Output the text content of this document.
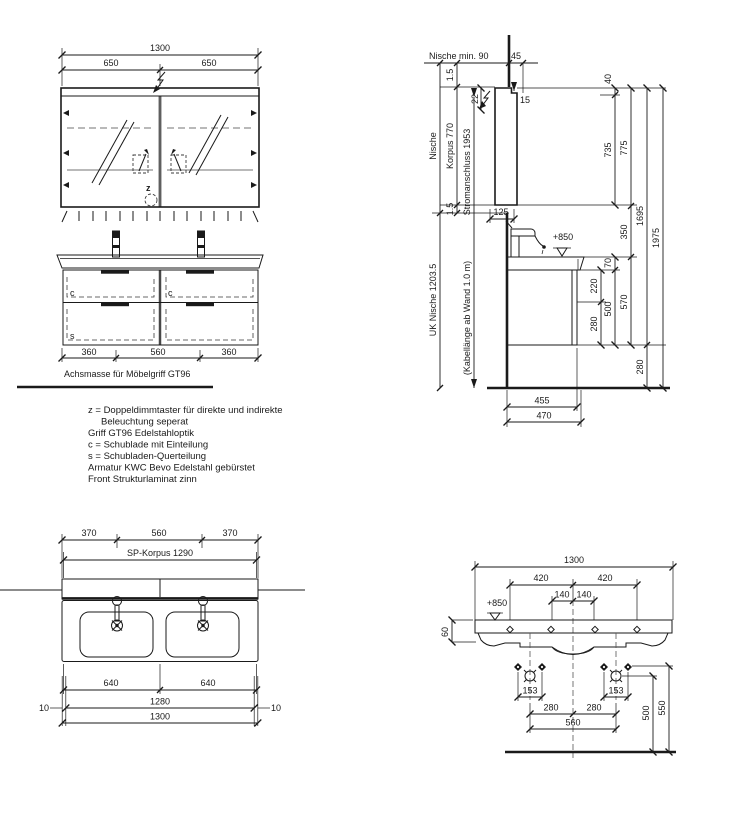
1300
650	650
z
c	c
s
360	560	360
Achsmasse für Möbelgriff GT96
z = Doppeldimmtaster für direkte und indirekte
Beleuchtung seperat
Griff GT96 Edelstahloptik
c = Schublade mit Einteilung
s = Schubladen-Querteilung
Armatur KWC Bevo Edelstahl gebürstet
Front Strukturlaminat zinn
Nische min. 90 45
15
Nische
UK Nische 1203.5
1.5
Korpus 770
1.5 Stromanschluss 1953
(Kabellänge ab Wand 1.0 m)
22
125
+850
220
280
40
735
70
500
775
350
570
1695
280
1975
455
470
370	560	370
SP-Korpus 1290
640	640
10
1280
10
1300
1300
420	420
140 140
+850
60
153	153
280	280
560
500 550
